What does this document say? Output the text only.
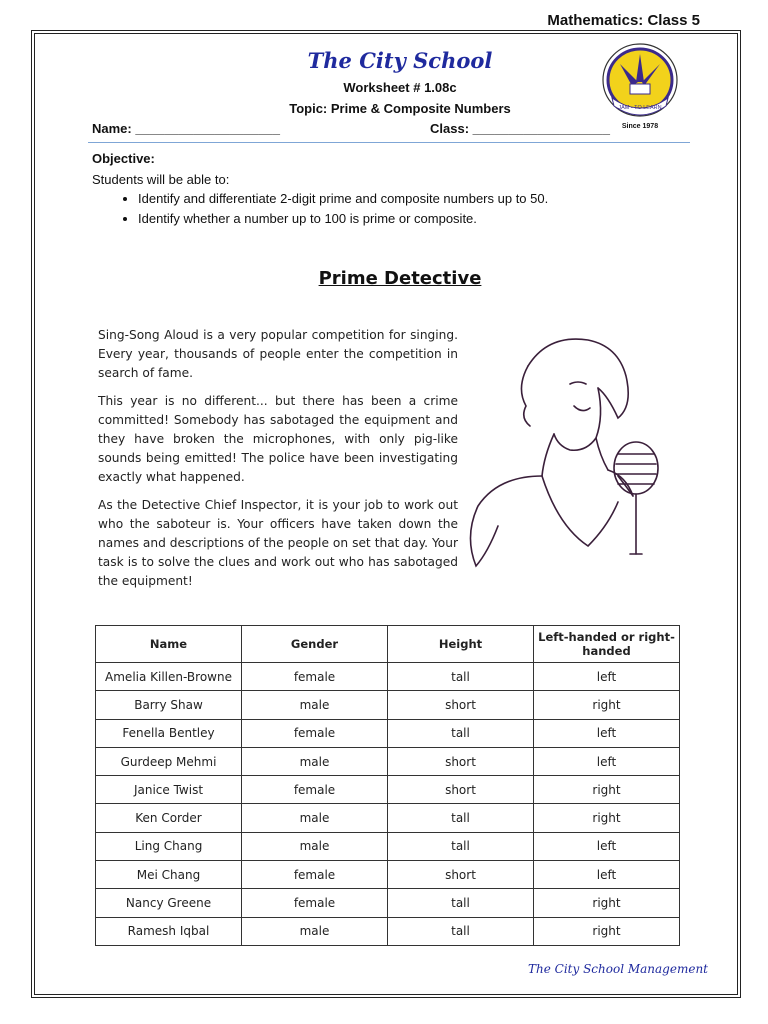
Mathematics: Class 5
The City School
Worksheet # 1.08c
Topic: Prime & Composite Numbers
Name: ____________________	Class: ___________________
JAM - TO LEARN
Since 1978
Objective:
Students will be able to:
• Identify and differentiate 2-digit prime and composite numbers up to 50.
• Identify whether a number up to 100 is prime or composite.
Prime Detective

Sing-Song Aloud is a very popular competition for singing. Every year, thousands of people enter the competition in search of fame.

This year is no different... but there has been a crime committed! Somebody has sabotaged the equipment and they have broken the microphones, with only pig-like sounds being emitted! The police have been investigating exactly what happened.

As the Detective Chief Inspector, it is your job to work out who the saboteur is. Your officers have taken down the names and descriptions of the people on set that day. Your task is to solve the clues and work out who has sabotaged the equipment!

Name	Gender	Height	Left-handed or right-handed
Amelia Killen-Browne	female	tall	left
Barry Shaw	male	short	right
Fenella Bentley	female	tall	left
Gurdeep Mehmi	male	short	left
Janice Twist	female	short	right
Ken Corder	male	tall	right
Ling Chang	male	tall	left
Mei Chang	female	short	left
Nancy Greene	female	tall	right
Ramesh Iqbal	male	tall	right
The City School Management
